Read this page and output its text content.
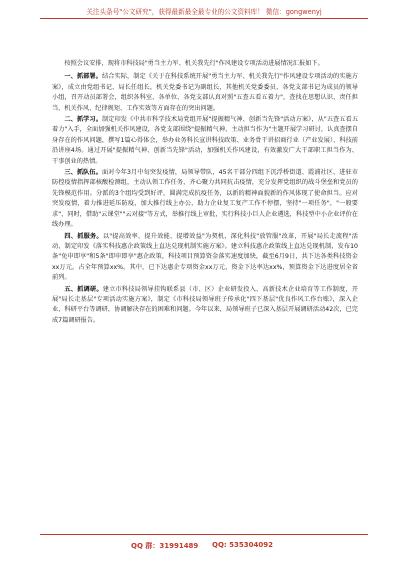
关注头条号"公文研究"，获得最新最全最专业的公文资料库！ 微信：gongwenyj

按照会议安排，现将市科技局"勇当主力军、机关我先行"作风建设专项活动进展情况汇报如下。

一、抓部署。结合实际，制定《关于在科技系统开展"勇当主力军、机关我先行"作风建设专项活动的实施方案》，成立由党组书记、局长任组长，机关党委书记为副组长，其他机关党委委员、各党支部书记为成员的领导小组，召开动员部署会，组织各科室、各单位、各党支部认真对照"五查五看五着力"，查找在思想认识、责任担当、机关作风、纪律规矩、工作实效等方面存在的突出问题。

二、抓学习。制定印发《中共市科学技术局党组开展"提振精气神、创新当先锋"活动方案》，从"五查五看五着力"入手，全面加强机关作风建设，各党支部围绕"提振精气神、主动担当作为"主题开展学习研讨，认真查摆自身存在的作风问题，撰写1篇心得体会，举办业务科长宣讲科技政策、业务骨干讲招商行业（产业发展）、科技前沿讲座4场。通过开展"提振精气神、创新当先锋"活动，加强机关作风建设，有效激发广大干部职工担当作为、干事创业的热情。

三、抓队伍。面对今年3月中旬突发疫情，局领导带队，45名干部分四组下沉浮桥街道、霞浦社区、进驻市防控疫情指挥部核酸检测组，主动认领工作任务，齐心聚力共同抗击疫情，充分发挥党组织的战斗堡垒和党员的先锋模范作用。分派的3个组均受到好评，圆满完成抗疫任务，以新的精神面貌新的作风体现了使命担当。应对突发疫情，着力推进延压防疫，加大推行线上办公，助力企业复工复产工作不停摆，坚持"一项任务"，"一般要求"，同时，借助"云课堂""云对接"等方式，举推行线上审批，实行科技小巨人企业遴选，科技型中小企业评价在线办理。

四、抓服务。以"提高效率、提升效能、提增效益"为契机，深化科技"放管服"改革，开展"局长走流程"活动，制定印发《落实科技惠企政策线上直达兑现机制实施方案》。建立科技惠企政策线上直达兑现机制，发布10条"免申即享"和5条"即申即享"惠企政策，科技项目预算资金落实速度加快，截至6月9日，共下达各类科技资金xx万元，占全年预算xx%。其中，已下达惠企专项资金xx万元，资金下达率达xx%，预算资金下达进度居全省前列。

五、抓调研。建立市科技局领导挂钩联系县（市、区）企业研发投入、高新技术企业培育等工作制度，开展"局长走基层"专项活动实施方案》，制定《市科技局领导班子传承化"四下基层"优良作风工作台账》，深入企业、科研平台等调研，协调解决存在的困难和问题。今年以来，局领导班子已深入基层开展调研活动42次，已完成7篇调研报告。

QQ 群：31991489 QQ: 535304092
